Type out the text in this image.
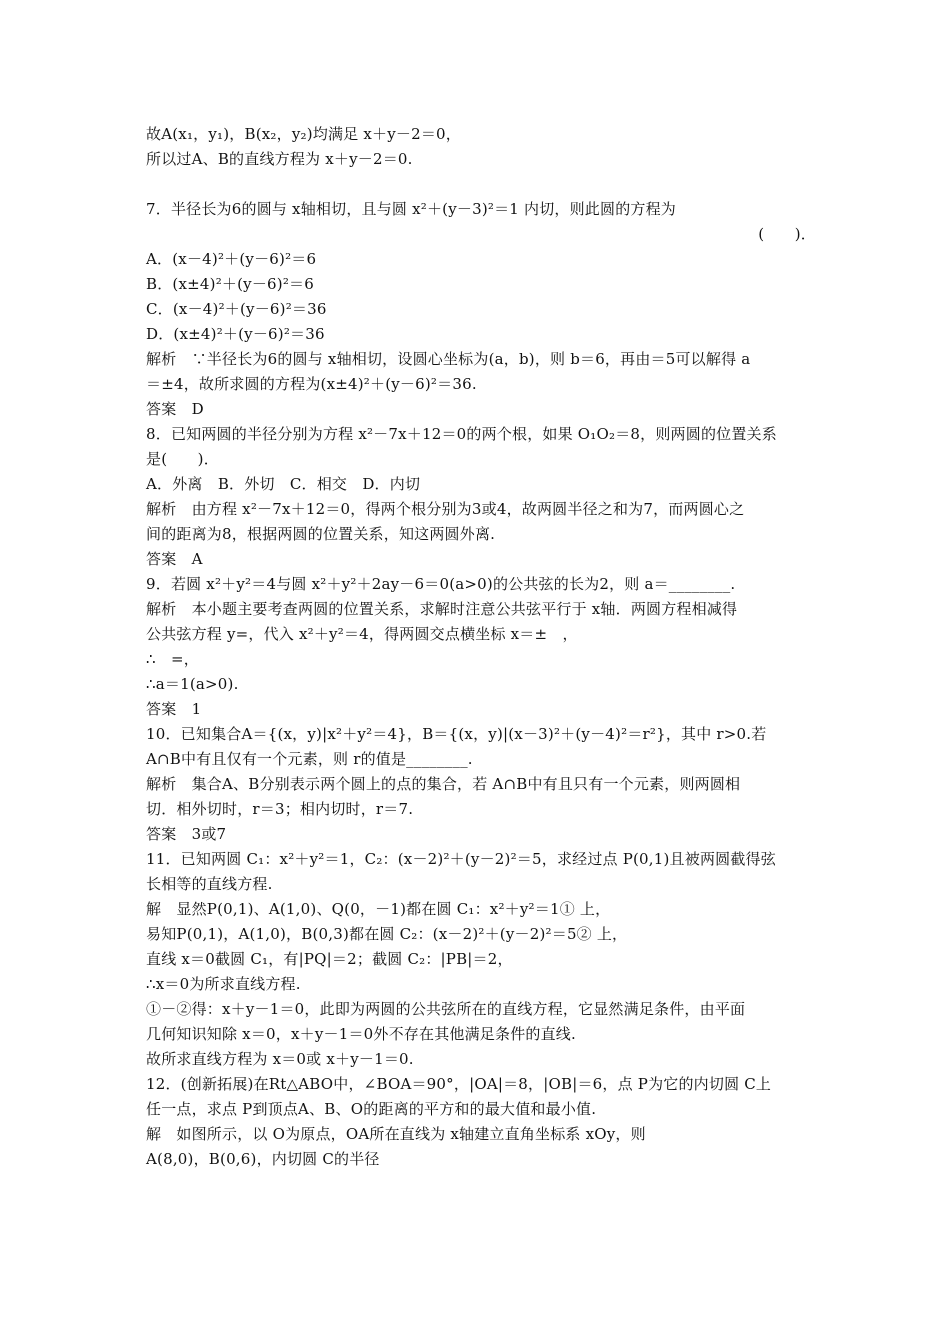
故A(x₁，y₁)，B(x₂，y₂)均满足 x＋y－2＝0，
所以过A、B的直线方程为 x＋y－2＝0.
7．半径长为6的圆与 x轴相切，且与圆 x²＋(y－3)²＝1 内切，则此圆的方程为
(　　)．
A．(x－4)²＋(y－6)²＝6
B．(x±4)²＋(y－6)²＝6
C．(x－4)²＋(y－6)²＝36
D．(x±4)²＋(y－6)²＝36
解析　∵半径长为6的圆与 x轴相切，设圆心坐标为(a，b)，则 b＝6，再由＝5可以解得 a
＝±4，故所求圆的方程为(x±4)²＋(y－6)²＝36.
答案　D
8．已知两圆的半径分别为方程 x²－7x＋12＝0的两个根，如果 O₁O₂＝8，则两圆的位置关系
是(　　)．
A．外离　B．外切　C．相交　D．内切
解析　由方程 x²－7x＋12＝0，得两个根分别为3或4，故两圆半径之和为7，而两圆心之
间的距离为8，根据两圆的位置关系，知这两圆外离.
答案　A
9．若圆 x²＋y²＝4与圆 x²＋y²＋2ay－6＝0(a>0)的公共弦的长为2，则 a＝________.
解析　本小题主要考查两圆的位置关系，求解时注意公共弦平行于 x轴．两圆方程相减得
公共弦方程 y=，代入 x²＋y²＝4，得两圆交点横坐标 x＝±　，
∴　=，
∴a＝1(a>0).
答案　1
10．已知集合A＝{(x，y)|x²＋y²＝4}，B＝{(x，y)|(x－3)²＋(y－4)²＝r²}，其中 r>0.若
A∩B中有且仅有一个元素，则 r的值是________.
解析　集合A、B分别表示两个圆上的点的集合，若 A∩B中有且只有一个元素，则两圆相
切．相外切时，r＝3；相内切时，r＝7.
答案　3或7
11．已知两圆 C₁：x²＋y²＝1，C₂：(x－2)²＋(y－2)²＝5，求经过点 P(0,1)且被两圆截得弦
长相等的直线方程.
解　显然P(0,1)、A(1,0)、Q(0，－1)都在圆 C₁：x²＋y²＝1① 上，
易知P(0,1)，A(1,0)，B(0,3)都在圆 C₂：(x－2)²＋(y－2)²＝5② 上，
直线 x＝0截圆 C₁，有|PQ|＝2；截圆 C₂：|PB|＝2，
∴x＝0为所求直线方程.
①－②得：x＋y－1＝0，此即为两圆的公共弦所在的直线方程，它显然满足条件，由平面
几何知识知除 x＝0，x＋y－1＝0外不存在其他满足条件的直线.
故所求直线方程为 x＝0或 x＋y－1＝0.
12．(创新拓展)在Rt△ABO中，∠BOA＝90°，|OA|＝8，|OB|＝6，点 P为它的内切圆 C上
任一点，求点 P到顶点A、B、O的距离的平方和的最大值和最小值.
解　如图所示，以 O为原点，OA所在直线为 x轴建立直角坐标系 xOy，则
A(8,0)，B(0,6)，内切圆 C的半径
